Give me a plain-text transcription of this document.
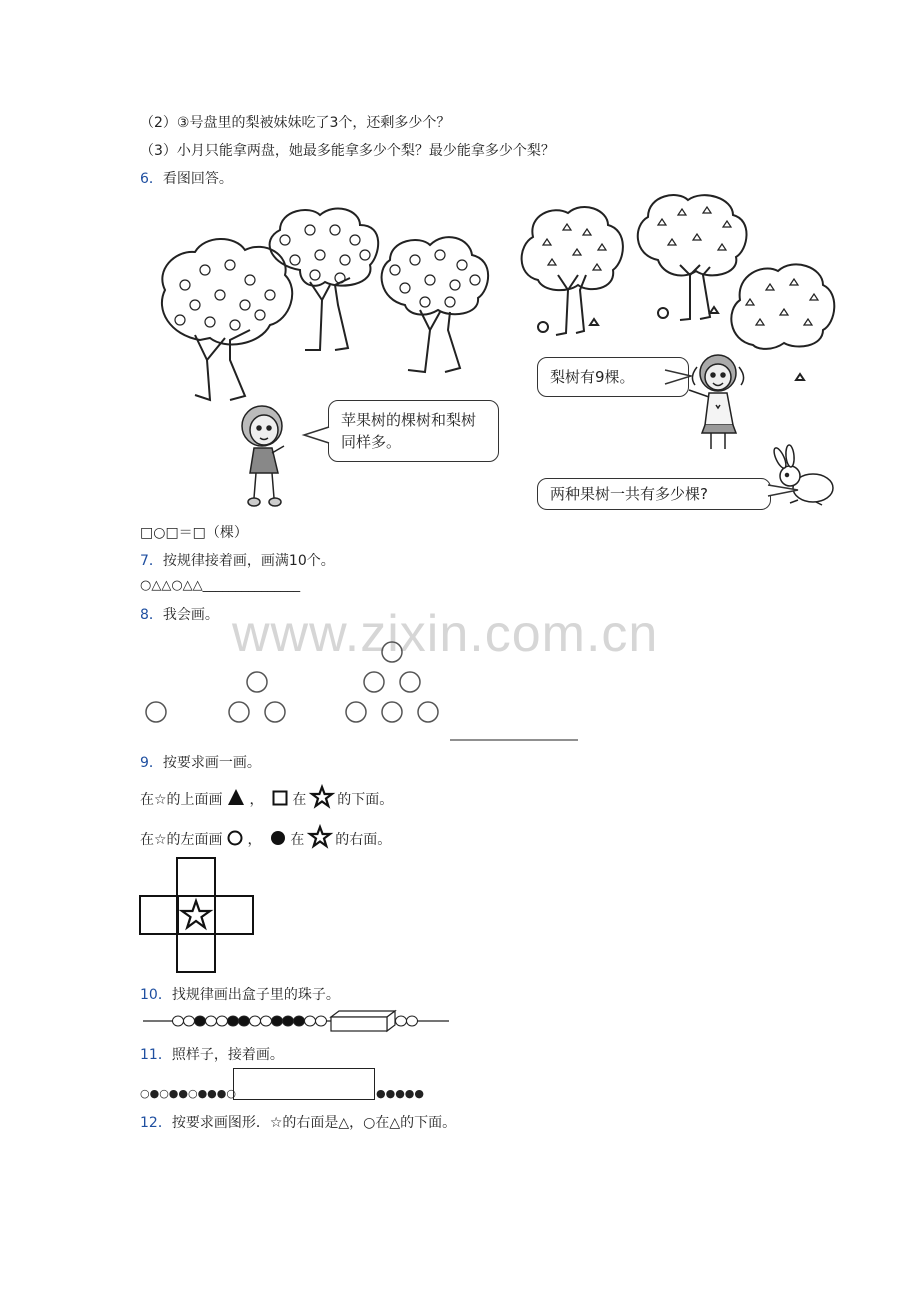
www.zixin.com.cn
（2）③号盘里的梨被妹妹吃了3个，还剩多少个？
（3）小月只能拿两盘，她最多能拿多少个梨？最少能拿多少个梨？
6．看图回答。
苹果树的棵树和梨树同样多。
梨树有9棵。
两种果树一共有多少棵?
□○□＝□（棵）
7．按规律接着画，画满10个。
○△△○△△_______________
8．我会画。
9．按要求画一画。
在☆的上面画 ， 在 的下面。
在☆的左面画 ， 在 的右面。
10．找规律画出盒子里的珠子。
11．照样子，接着画。
○●○●●○●●●○	●●●●●
12．按要求画图形．☆的右面是△，○在△的下面。
